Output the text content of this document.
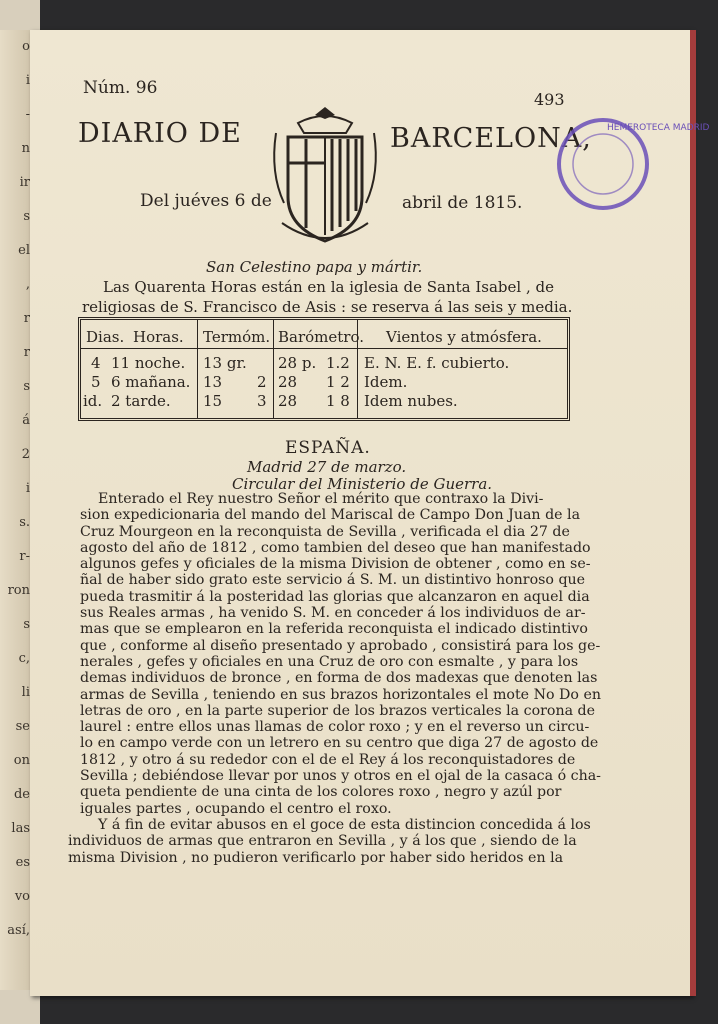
o
i
-
n
ir
s
el
,
r
r
s
á
2
i
s.
r-
ron
s
c,
li
se
on
de
las
es
vo
así,
Núm. 96
493
DIARIO DE	BARCELONA,
Del juéves 6 de	abril de 1815.
HEMEROTECA MADRID
San Celestino papa y mártir.
Las Quarenta Horas están en la iglesia de Santa Isabel , de
religiosas de S. Francisco de Asis : se reserva á las seis y media.
Dias. Horas. Termóm. Barómetro. Vientos y atmósfera.
4 11 noche. 13 gr. 28 p. 1.2 E. N. E. f. cubierto.
5 6 mañana. 13 2 28 1 2 Idem.
id. 2 tarde. 15 3 28 1 8 Idem nubes.
ESPAÑA.
Madrid 27 de marzo.
Circular del Ministerio de Guerra.
Enterado el Rey nuestro Señor el mérito que contraxo la Divi-
sion expedicionaria del mando del Mariscal de Campo Don Juan de la
Cruz Mourgeon en la reconquista de Sevilla , verificada el dia 27 de
agosto del año de 1812 , como tambien del deseo que han manifestado
algunos gefes y oficiales de la misma Division de obtener , como en se-
ñal de haber sido grato este servicio á S. M. un distintivo honroso que
pueda trasmitir á la posteridad las glorias que alcanzaron en aquel dia
sus Reales armas , ha venido S. M. en conceder á los individuos de ar-
mas que se emplearon en la referida reconquista el indicado distintivo
que , conforme al diseño presentado y aprobado , consistirá para los ge-
nerales , gefes y oficiales en una Cruz de oro con esmalte , y para los
demas individuos de bronce , en forma de dos madexas que denoten las
armas de Sevilla , teniendo en sus brazos horizontales el mote No Do en
letras de oro , en la parte superior de los brazos verticales la corona de
laurel : entre ellos unas llamas de color roxo ; y en el reverso un circu-
lo en campo verde con un letrero en su centro que diga 27 de agosto de
1812 , y otro á su rededor con el de el Rey á los reconquistadores de
Sevilla ; debiéndose llevar por unos y otros en el ojal de la casaca ó cha-
queta pendiente de una cinta de los colores roxo , negro y azúl por
iguales partes , ocupando el centro el roxo.
Y á fin de evitar abusos en el goce de esta distincion concedida á los
individuos de armas que entraron en Sevilla , y á los que , siendo de la
misma Division , no pudieron verificarlo por haber sido heridos en la
